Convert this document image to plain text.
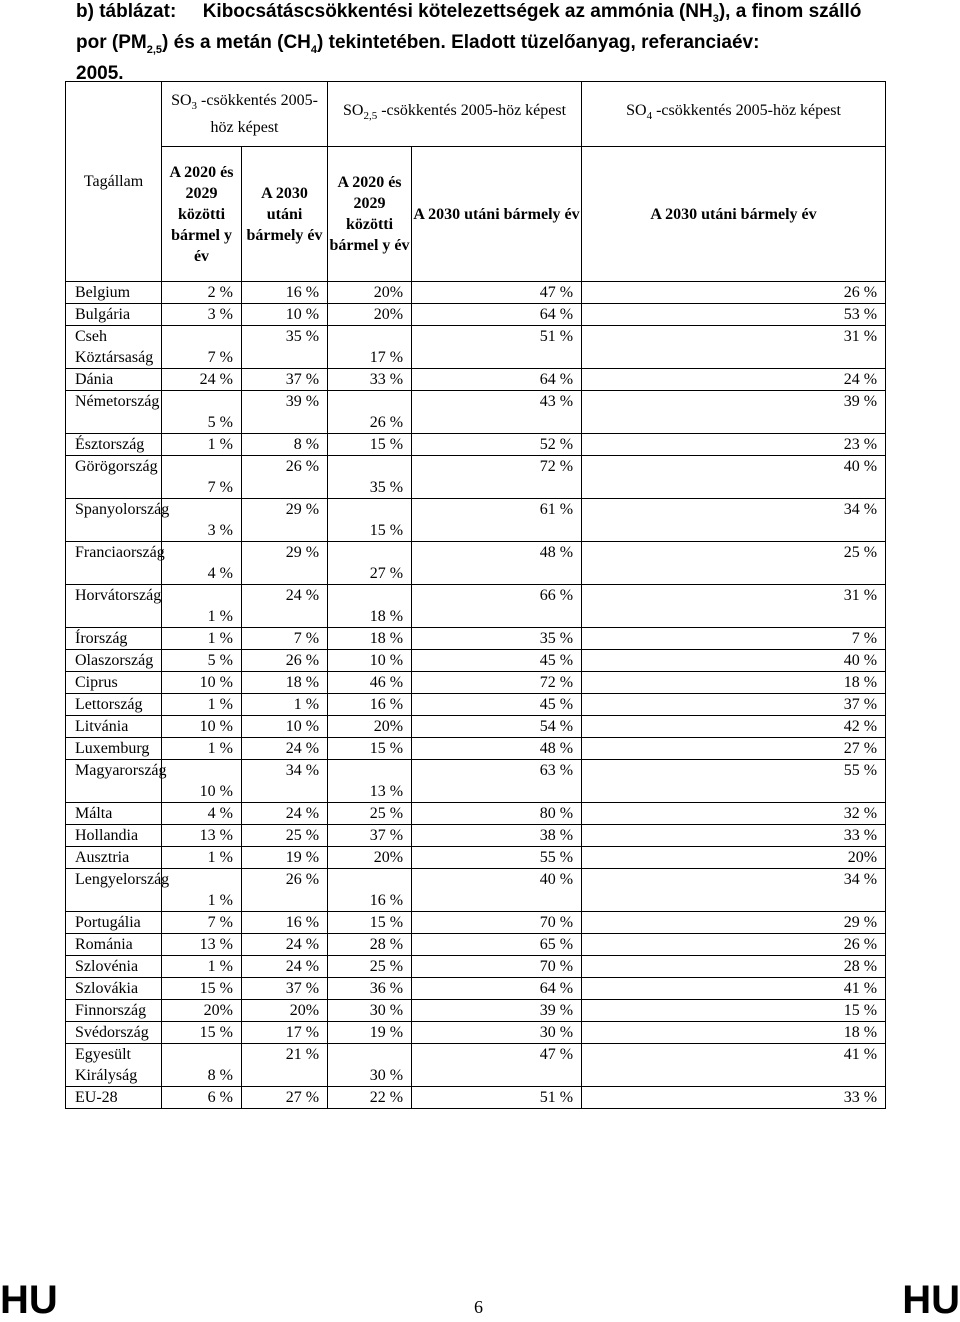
b) táblázat: Kibocsátáscsökkentési kötelezettségek az ammónia $(NH_3)$, a finom szálló
por $(PM_{2,5})$ és a metán $(CH_4)$ tekintetében. Eladott tüzelőanyag, referanciaév:
2005.
Tagállam	$SO_3$ -csökkentés 2005-höz képest		$SO_{2,5}$ -csökkentés 2005-höz képest		$SO_4$ -csökkentés 2005-höz képest
	A 2020 és 2029 közötti bármel y év	A 2030 utáni bármely év	A 2020 és 2029 közötti bármel y év	A 2030 utáni bármely év	A 2030 utáni bármely év
Belgium	2 %	16 %	20%	47 %	26 %
Bulgária	3 %	10 %	20%	64 %	53 %
Cseh Köztársaság	7 %	35 %	17 %	51 %	31 %
Dánia	24 %	37 %	33 %	64 %	24 %
Németország	5 %	39 %	26 %	43 %	39 %
Észtország	1 %	8 %	15 %	52 %	23 %
Görögország	7 %	26 %	35 %	72 %	40 %
Spanyolország	3 %	29 %	15 %	61 %	34 %
Franciaország	4 %	29 %	27 %	48 %	25 %
Horvátország	1 %	24 %	18 %	66 %	31 %
Írország	1 %	7 %	18 %	35 %	7 %
Olaszország	5 %	26 %	10 %	45 %	40 %
Ciprus	10 %	18 %	46 %	72 %	18 %
Lettország	1 %	1 %	16 %	45 %	37 %
Litvánia	10 %	10 %	20%	54 %	42 %
Luxemburg	1 %	24 %	15 %	48 %	27 %
Magyarország	10 %	34 %	13 %	63 %	55 %
Málta	4 %	24 %	25 %	80 %	32 %
Hollandia	13 %	25 %	37 %	38 %	33 %
Ausztria	1 %	19 %	20%	55 %	20%
Lengyelország	1 %	26 %	16 %	40 %	34 %
Portugália	7 %	16 %	15 %	70 %	29 %
Románia	13 %	24 %	28 %	65 %	26 %
Szlovénia	1 %	24 %	25 %	70 %	28 %
Szlovákia	15 %	37 %	36 %	64 %	41 %
Finnország	20%	20%	30 %	39 %	15 %
Svédország	15 %	17 %	19 %	30 %	18 %
Egyesült Királyság	8 %	21 %	30 %	47 %	41 %
EU-28	6 %	27 %	22 %	51 %	33 %
HU	6	HU
